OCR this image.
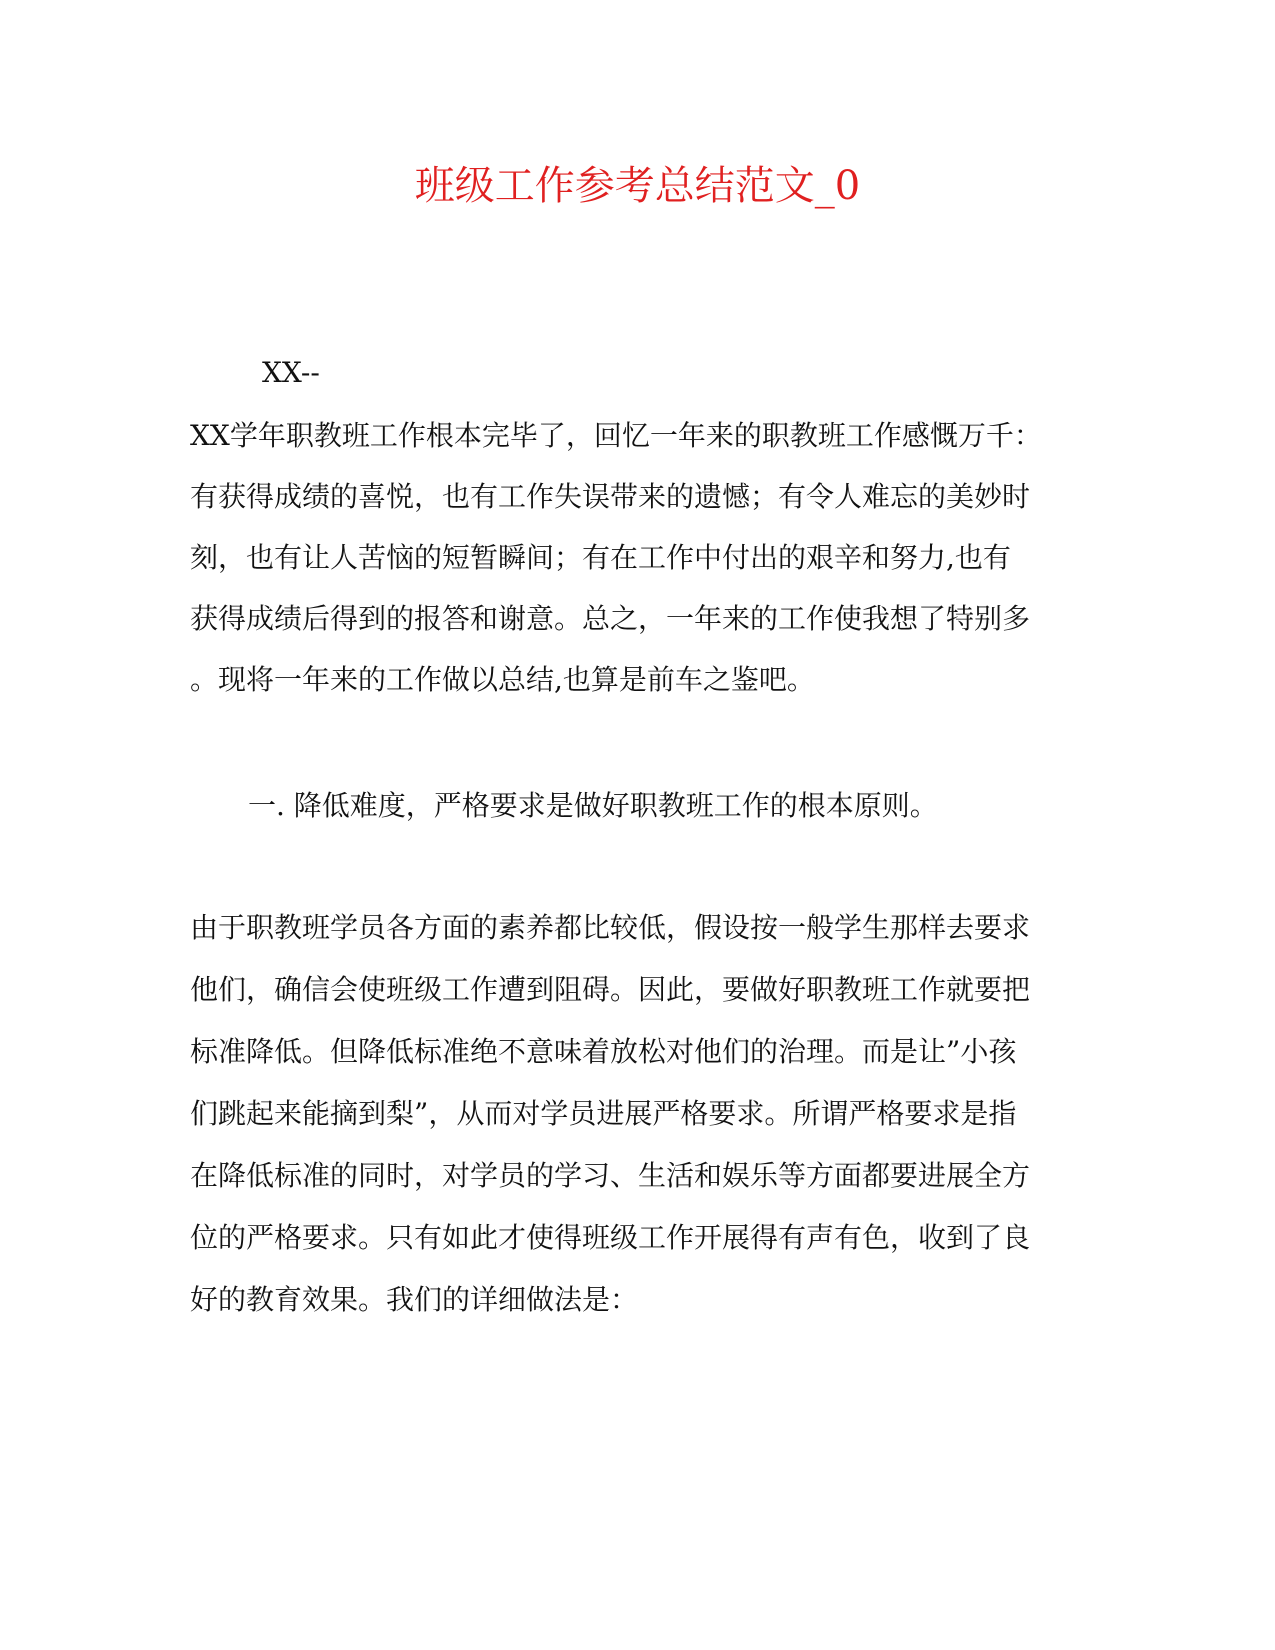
班级工作参考总结范文_0
XX--
XX学年职教班工作根本完毕了，回忆一年来的职教班工作感慨万千：
有获得成绩的喜悦，也有工作失误带来的遗憾；有令人难忘的美妙时
刻，也有让人苦恼的短暂瞬间；有在工作中付出的艰辛和努力,也有
获得成绩后得到的报答和谢意。总之，一年来的工作使我想了特别多
。现将一年来的工作做以总结,也算是前车之鉴吧。
一. 降低难度，严格要求是做好职教班工作的根本原则。
由于职教班学员各方面的素养都比较低，假设按一般学生那样去要求
他们，确信会使班级工作遭到阻碍。因此，要做好职教班工作就要把
标准降低。但降低标准绝不意味着放松对他们的治理。而是让”小孩
们跳起来能摘到梨”，从而对学员进展严格要求。所谓严格要求是指
在降低标准的同时，对学员的学习、生活和娱乐等方面都要进展全方
位的严格要求。只有如此才使得班级工作开展得有声有色，收到了良
好的教育效果。我们的详细做法是：
